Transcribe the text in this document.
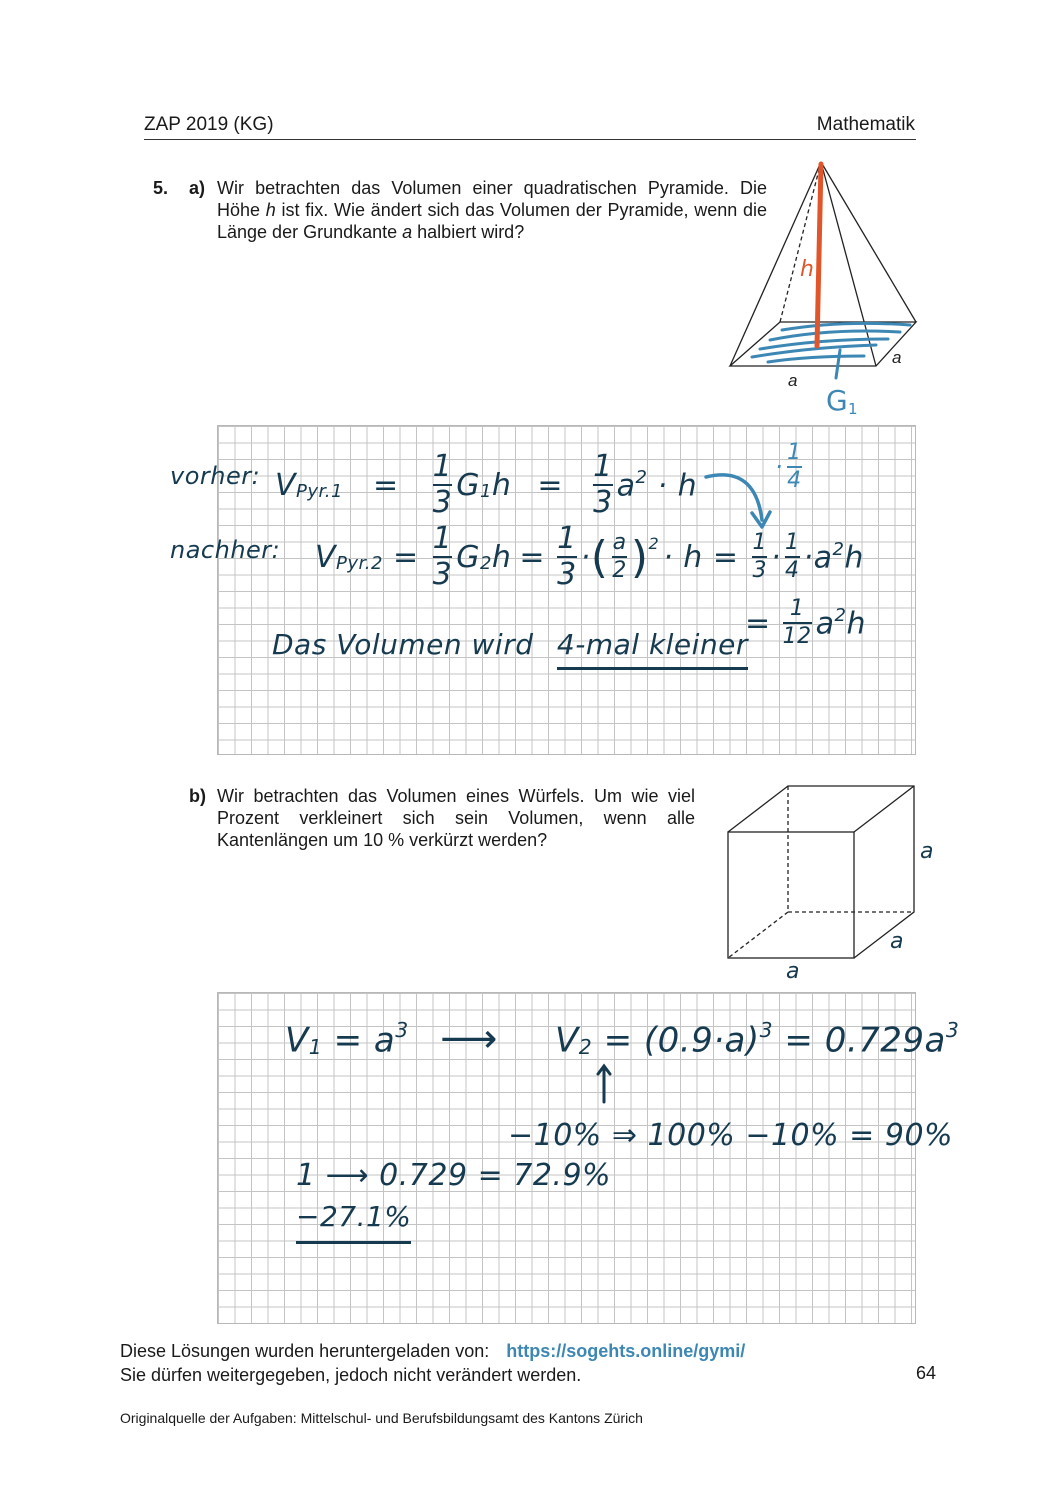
ZAP 2019 (KG)	Mathematik
5. a) Wir betrachten das Volumen einer quadratischen Pyramide. Die Höhe h ist fix. Wie ändert sich das Volumen der Pyramide, wenn die Länge der Grundkante a halbiert wird?
h
a
a
G 1
vorher: $V_{Pyr.1} = \frac{1}{3} G_1h = \frac{1}{3} a^2 \cdot h$
· $\frac{1}{4}$
nachher: $V_{Pyr.2} = \frac{1}{3} G_2h = \frac{1}{3}$ · ( $\frac{a}{2} )^2 \cdot h = \frac{1}{3} \cdot \frac{1}{4} \cdot a^2h$
= $\frac{1}{12} a^2h$
Das Volumen wird 4-mal kleiner
b) Wir betrachten das Volumen eines Würfels. Um wie viel Prozent verkleinert sich sein Volumen, wenn alle Kantenlängen um 10 % verkürzt werden?	a
a
a
$V_1 = a^3$ ⟶ $V_2 = (0.9\cdot a)^3 = 0.729a^3$
−10% ⇒ 100% −10% = 90%
1 ⟶ 0.729 = 72.9%
−27.1%
Diese Lösungen wurden heruntergeladen von: https://sogehts.online/gymi/
Sie dürfen weitergegeben, jedoch nicht verändert werden.	64
Originalquelle der Aufgaben: Mittelschul- und Berufsbildungsamt des Kantons Zürich
